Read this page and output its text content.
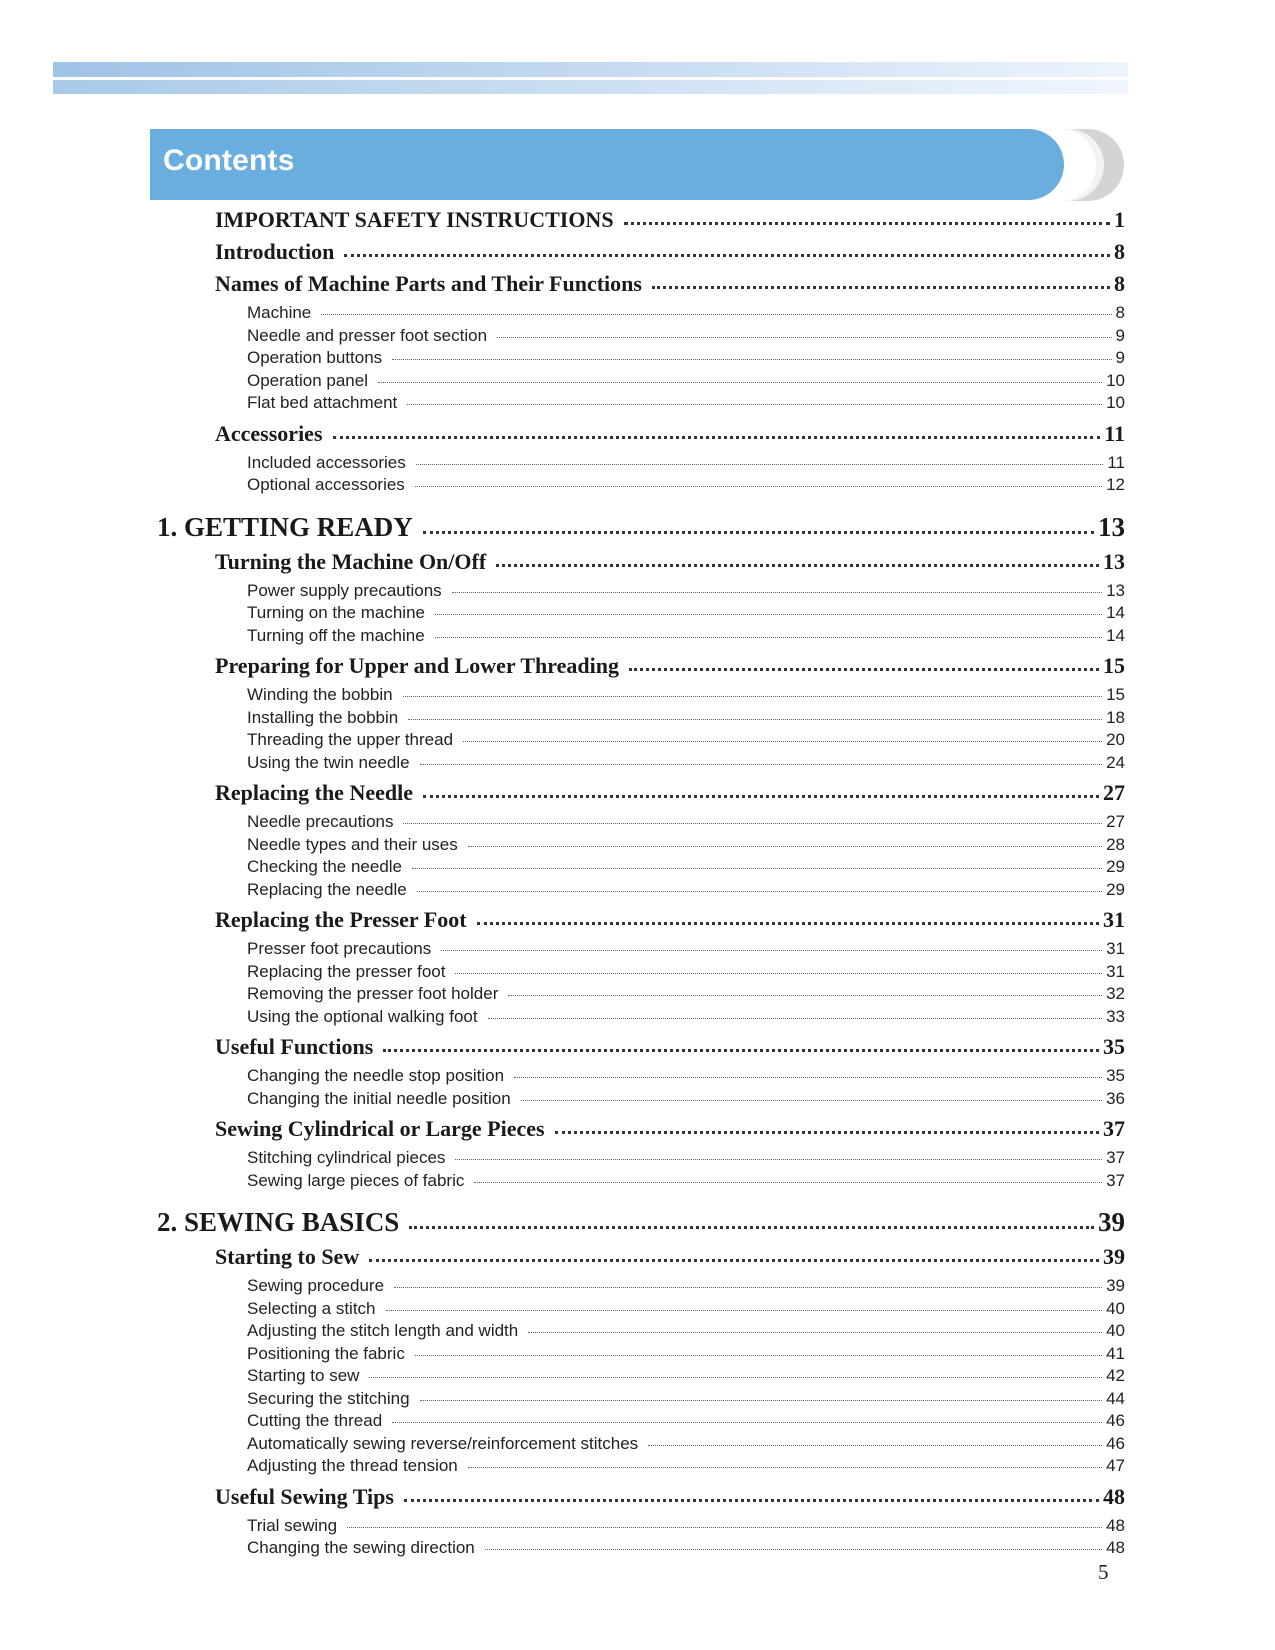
Contents
IMPORTANT SAFETY INSTRUCTIONS	1
Introduction	8
Names of Machine Parts and Their Functions	8
Machine	8
Needle and presser foot section	9
Operation buttons	9
Operation panel	10
Flat bed attachment	10
Accessories	11
Included accessories	11
Optional accessories	12
1. GETTING READY	13
Turning the Machine On/Off	13
Power supply precautions	13
Turning on the machine	14
Turning off the machine	14
Preparing for Upper and Lower Threading	15
Winding the bobbin	15
Installing the bobbin	18
Threading the upper thread	20
Using the twin needle	24
Replacing the Needle	27
Needle precautions	27
Needle types and their uses	28
Checking the needle	29
Replacing the needle	29
Replacing the Presser Foot	31
Presser foot precautions	31
Replacing the presser foot	31
Removing the presser foot holder	32
Using the optional walking foot	33
Useful Functions	35
Changing the needle stop position	35
Changing the initial needle position	36
Sewing Cylindrical or Large Pieces	37
Stitching cylindrical pieces	37
Sewing large pieces of fabric	37
2. SEWING BASICS	39
Starting to Sew	39
Sewing procedure	39
Selecting a stitch	40
Adjusting the stitch length and width	40
Positioning the fabric	41
Starting to sew	42
Securing the stitching	44
Cutting the thread	46
Automatically sewing reverse/reinforcement stitches	46
Adjusting the thread tension	47
Useful Sewing Tips	48
Trial sewing	48
Changing the sewing direction	48
5
